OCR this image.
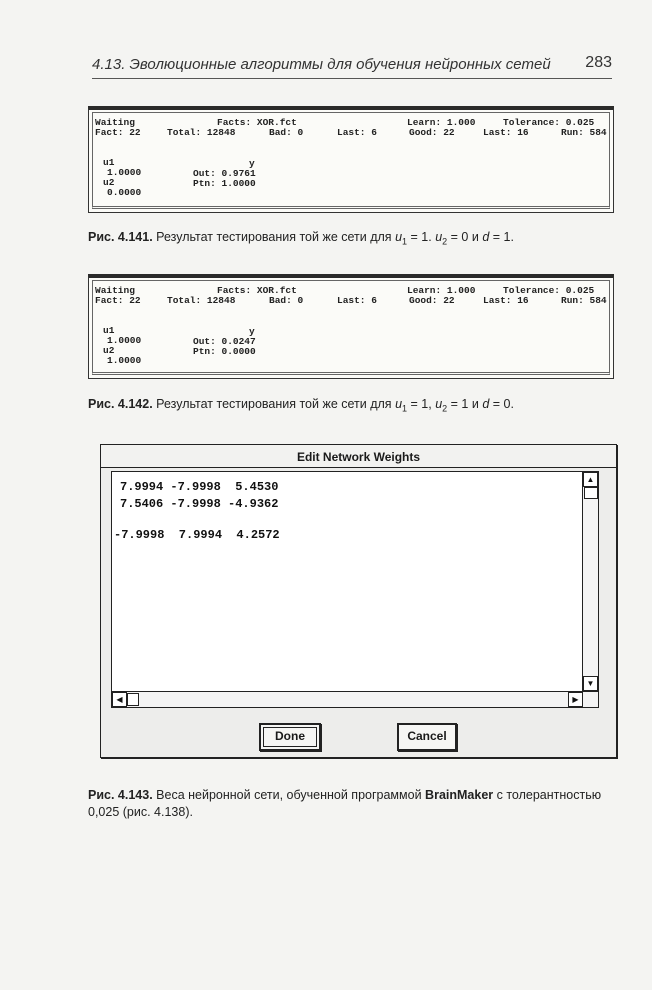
4.13. Эволюционные алгоритмы для обучения нейронных сетей 283
Waiting	Facts: XOR.fct	Learn: 1.000	Tolerance: 0.025
Fact: 22	Total: 12848	Bad: 0	Last: 6	Good: 22	Last: 16	Run: 584
u1
1.0000
u2
0.0000
y
Out: 0.9761
Ptn: 1.0000
Рис. 4.141. Результат тестирования той же сети для $u_1 = 1$. $u_2 = 0$ и d = 1.
Waiting	Facts: XOR.fct	Learn: 1.000	Tolerance: 0.025
Fact: 22	Total: 12848	Bad: 0	Last: 6	Good: 22	Last: 16	Run: 584
u1
1.0000
u2
1.0000
y
Out: 0.0247
Ptn: 0.0000
Рис. 4.142. Результат тестирования той же сети для $u_1 = 1$, $u_2 = 1$ и d = 0.
Edit Network Weights
7.9994 -7.9998  5.4530
7.5406 -7.9998 -4.9362
-7.9998  7.9994  4.2572
▲
▼
◀	▶
Done	Cancel
Рис. 4.143. Веса нейронной сети, обученной программой BrainMaker с толерантностью
0,025 (рис. 4.138).
